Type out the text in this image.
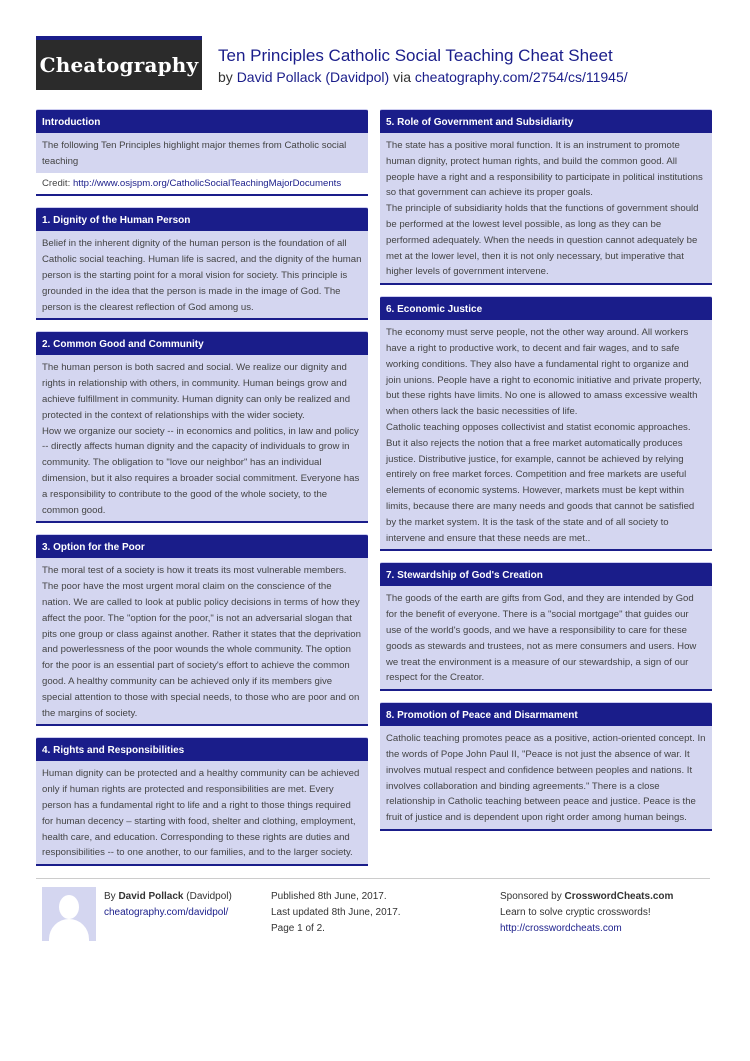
Cheatography Ten Principles Catholic Social Teaching Cheat Sheet
by David Pollack (Davidpol) via cheatography.com/2754/cs/11945/
Introduction

The following Ten Principles highlight major themes from Catholic social teaching

Credit: http://www.osjspm.org/CatholicSocialTeachingMajorDocuments
1. Dignity of the Human Person

Belief in the inherent dignity of the human person is the foundation of all Catholic social teaching. Human life is sacred, and the dignity of the human person is the starting point for a moral vision for society. This principle is grounded in the idea that the person is made in the image of God. The person is the clearest reflection of God among us.

2. Common Good and Community

The human person is both sacred and social. We realize our dignity and rights in relationship with others, in community. Human beings grow and achieve fulfillment in community. Human dignity can only be realized and protected in the context of relationships with the wider society.

How we organize our society -- in economics and politics, in law and policy -- directly affects human dignity and the capacity of individuals to grow in community. The obligation to "love our neighbor" has an individual dimension, but it also requires a broader social commitment. Everyone has a responsibility to contribute to the good of the whole society, to the common good.

3. Option for the Poor

The moral test of a society is how it treats its most vulnerable members. The poor have the most urgent moral claim on the conscience of the nation. We are called to look at public policy decisions in terms of how they affect the poor. The "option for the poor," is not an adversarial slogan that pits one group or class against another. Rather it states that the deprivation and powerlessness of the poor wounds the whole community. The option for the poor is an essential part of society's effort to achieve the common good. A healthy community can be achieved only if its members give special attention to those with special needs, to those who are poor and on the margins of society.

4. Rights and Responsibilities

Human dignity can be protected and a healthy community can be achieved only if human rights are protected and responsibilities are met. Every person has a fundamental right to life and a right to those things required for human decency – starting with food, shelter and clothing, employment, health care, and education. Corresponding to these rights are duties and responsibilities -- to one another, to our families, and to the larger society.

5. Role of Government and Subsidiarity

The state has a positive moral function. It is an instrument to promote human dignity, protect human rights, and build the common good. All people have a right and a responsibility to participate in political institutions so that government can achieve its proper goals.

The principle of subsidiarity holds that the functions of government should be performed at the lowest level possible, as long as they can be performed adequately. When the needs in question cannot adequately be met at the lower level, then it is not only necessary, but imperative that higher levels of government intervene.

6. Economic Justice

The economy must serve people, not the other way around. All workers have a right to productive work, to decent and fair wages, and to safe working conditions. They also have a fundamental right to organize and join unions. People have a right to economic initiative and private property, but these rights have limits. No one is allowed to amass excessive wealth when others lack the basic necessities of life.

Catholic teaching opposes collectivist and statist economic approaches. But it also rejects the notion that a free market automatically produces justice. Distributive justice, for example, cannot be achieved by relying entirely on free market forces. Competition and free markets are useful elements of economic systems. However, markets must be kept within limits, because there are many needs and goods that cannot be satisfied by the market system. It is the task of the state and of all society to intervene and ensure that these needs are met..

7. Stewardship of God's Creation

The goods of the earth are gifts from God, and they are intended by God for the benefit of everyone. There is a "social mortgage" that guides our use of the world's goods, and we have a responsibility to care for these goods as stewards and trustees, not as mere consumers and users. How we treat the environment is a measure of our stewardship, a sign of our respect for the Creator.

8. Promotion of Peace and Disarmament

Catholic teaching promotes peace as a positive, action-oriented concept. In the words of Pope John Paul II, "Peace is not just the absence of war. It involves mutual respect and confidence between peoples and nations. It involves collaboration and binding agreements." There is a close relationship in Catholic teaching between peace and justice. Peace is the fruit of justice and is dependent upon right order among human beings.

By David Pollack (Davidpol)
cheatography.com/davidpol/
Published 8th June, 2017.
Last updated 8th June, 2017.
Page 1 of 2.
Sponsored by CrosswordCheats.com
Learn to solve cryptic crosswords!
http://crosswordcheats.com
